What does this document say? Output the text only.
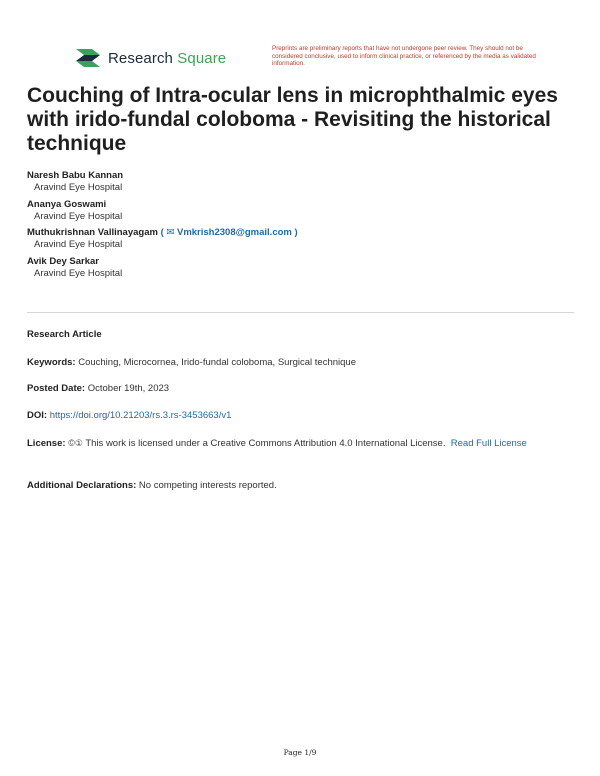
Research Square
Preprints are preliminary reports that have not undergone peer review. They should not be considered conclusive, used to inform clinical practice, or referenced by the media as validated information.
Couching of Intra-ocular lens in microphthalmic eyes with irido-fundal coloboma - Revisiting the historical technique
Naresh Babu Kannan
Aravind Eye Hospital
Ananya Goswami
Aravind Eye Hospital
Muthukrishnan Vallinayagam ( ✉ Vmkrish2308@gmail.com )
Aravind Eye Hospital
Avik Dey Sarkar
Aravind Eye Hospital
Research Article
Keywords: Couching, Microcornea, Irido-fundal coloboma, Surgical technique
Posted Date: October 19th, 2023
DOI: https://doi.org/10.21203/rs.3.rs-3453663/v1
License: ©① This work is licensed under a Creative Commons Attribution 4.0 International License. Read Full License
Additional Declarations: No competing interests reported.
Page 1/9
